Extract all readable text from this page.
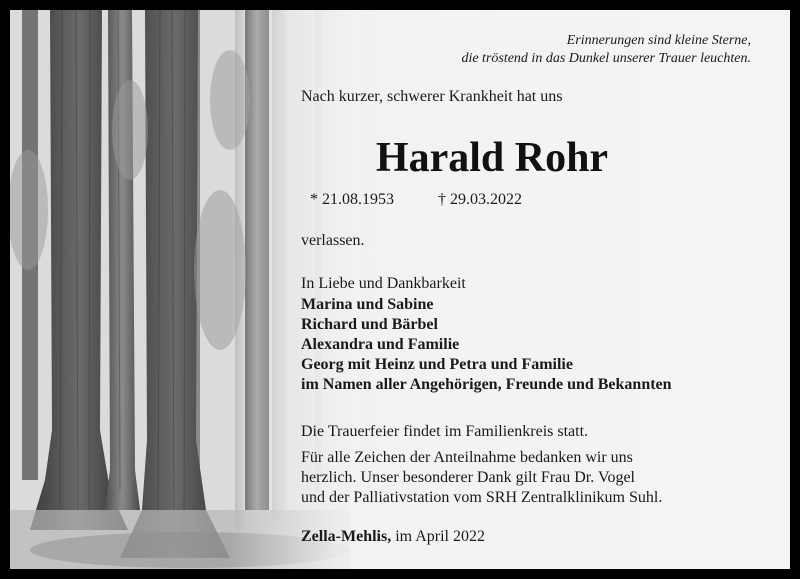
Erinnerungen sind kleine Sterne,
die tröstend in das Dunkel unserer Trauer leuchten.
Nach kurzer, schwerer Krankheit hat uns
Harald Rohr
* 21.08.1953	† 29.03.2022
verlassen.
In Liebe und Dankbarkeit
Marina und Sabine
Richard und Bärbel
Alexandra und Familie
Georg mit Heinz und Petra und Familie
im Namen aller Angehörigen, Freunde und Bekannten
Die Trauerfeier findet im Familienkreis statt.
Für alle Zeichen der Anteilnahme bedanken wir uns
herzlich. Unser besonderer Dank gilt Frau Dr. Vogel
und der Palliativstation vom SRH Zentralklinikum Suhl.
Zella-Mehlis, im April 2022
